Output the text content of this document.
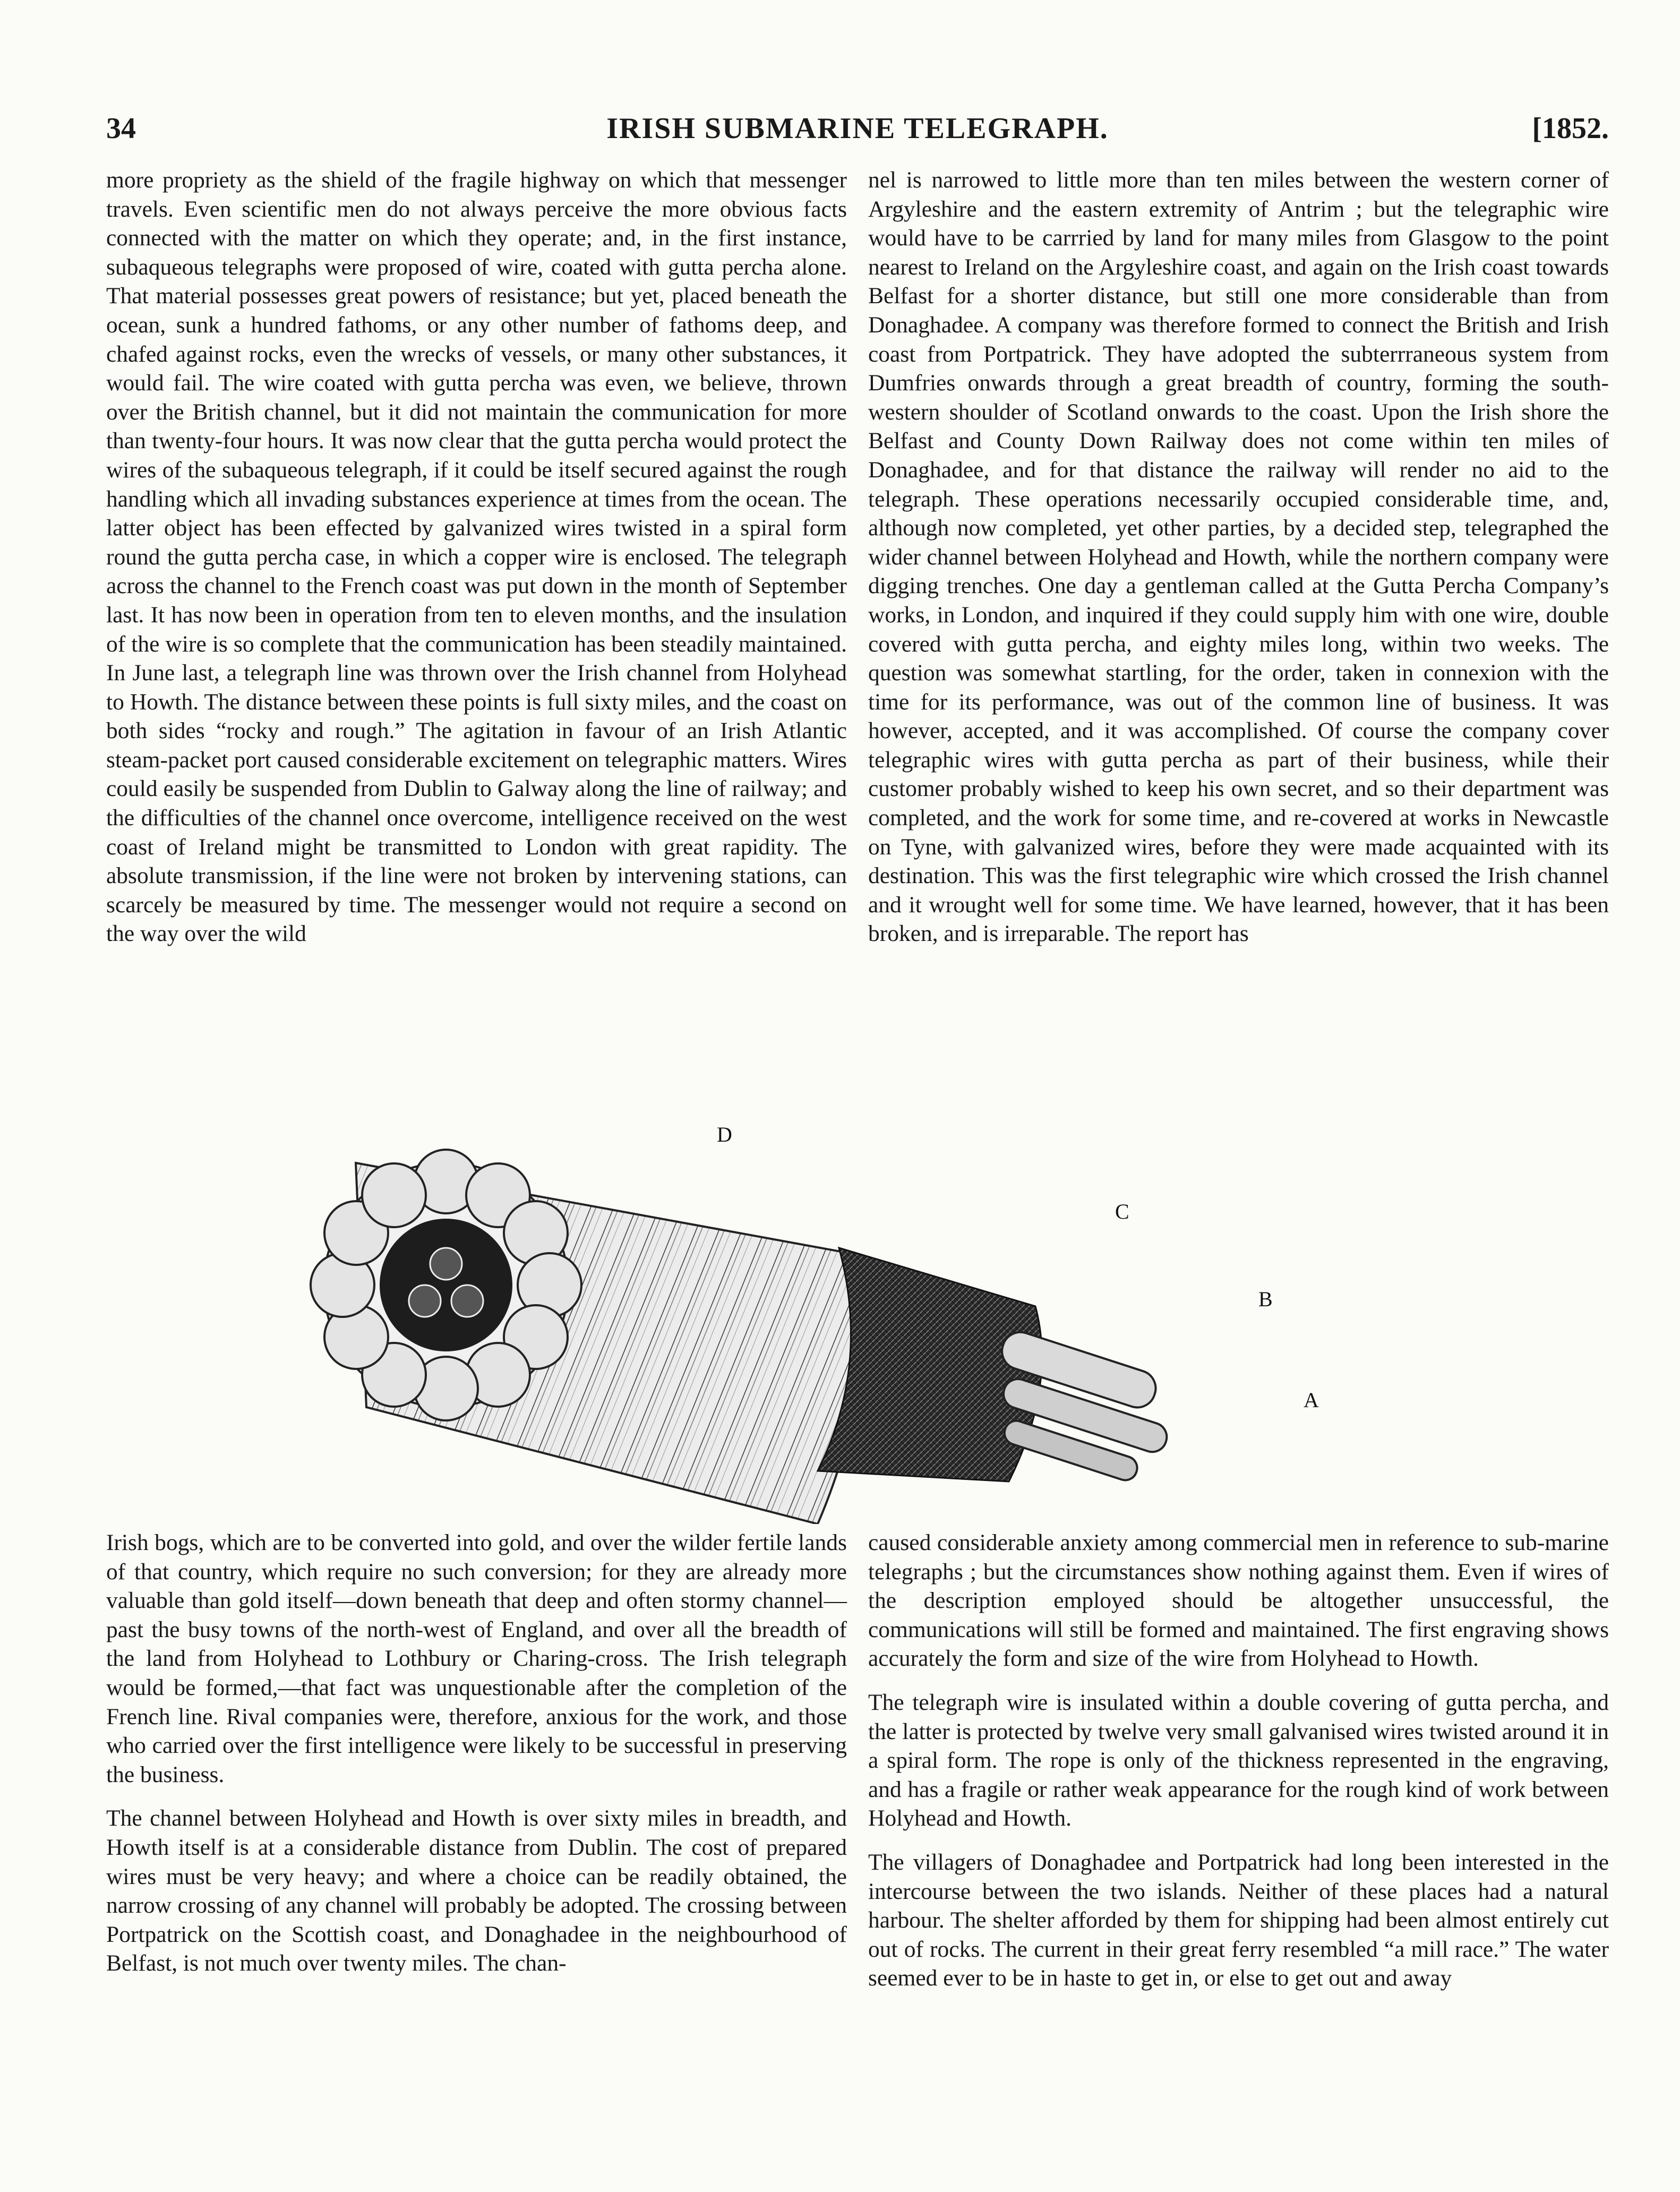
34	IRISH SUBMARINE TELEGRAPH.	[1852.

more propriety as the shield of the fragile highway on which that messenger travels. Even scientific men do not always perceive the more obvious facts connected with the matter on which they operate; and, in the first instance, subaqueous telegraphs were proposed of wire, coated with gutta percha alone. That material possesses great powers of resistance; but yet, placed beneath the ocean, sunk a hundred fathoms, or any other number of fathoms deep, and chafed against rocks, even the wrecks of vessels, or many other substances, it would fail. The wire coated with gutta percha was even, we believe, thrown over the British channel, but it did not maintain the communication for more than twenty-four hours. It was now clear that the gutta percha would protect the wires of the subaqueous telegraph, if it could be itself secured against the rough handling which all invading substances experience at times from the ocean. The latter object has been effected by galvanized wires twisted in a spiral form round the gutta percha case, in which a copper wire is enclosed. The telegraph across the channel to the French coast was put down in the month of September last. It has now been in operation from ten to eleven months, and the insulation of the wire is so complete that the communication has been steadily maintained. In June last, a telegraph line was thrown over the Irish channel from Holyhead to Howth. The distance between these points is full sixty miles, and the coast on both sides “rocky and rough.” The agitation in favour of an Irish Atlantic steam-packet port caused considerable excitement on telegraphic matters. Wires could easily be suspended from Dublin to Galway along the line of railway; and the difficulties of the channel once overcome, intelligence received on the west coast of Ireland might be transmitted to London with great rapidity. The absolute transmission, if the line were not broken by intervening stations, can scarcely be measured by time. The messenger would not require a second on the way over the wild

nel is narrowed to little more than ten miles between the western corner of Argyleshire and the eastern extremity of Antrim ; but the telegraphic wire would have to be carrried by land for many miles from Glasgow to the point nearest to Ireland on the Argyleshire coast, and again on the Irish coast towards Belfast for a shorter distance, but still one more considerable than from Donaghadee. A company was therefore formed to connect the British and Irish coast from Portpatrick. They have adopted the subterrraneous system from Dumfries onwards through a great breadth of country, forming the south-western shoulder of Scotland onwards to the coast. Upon the Irish shore the Belfast and County Down Railway does not come within ten miles of Donaghadee, and for that distance the railway will render no aid to the telegraph. These operations necessarily occupied considerable time, and, although now completed, yet other parties, by a decided step, telegraphed the wider channel between Holyhead and Howth, while the northern company were digging trenches. One day a gentleman called at the Gutta Percha Company’s works, in London, and inquired if they could supply him with one wire, double covered with gutta percha, and eighty miles long, within two weeks. The question was somewhat startling, for the order, taken in connexion with the time for its performance, was out of the common line of business. It was however, accepted, and it was accomplished. Of course the company cover telegraphic wires with gutta percha as part of their business, while their customer probably wished to keep his own secret, and so their department was completed, and the work for some time, and re-covered at works in Newcastle on Tyne, with galvanized wires, before they were made acquainted with its destination. This was the first telegraphic wire which crossed the Irish channel and it wrought well for some time. We have learned, however, that it has been broken, and is irreparable. The report has

D
C
B
A

Irish bogs, which are to be converted into gold, and over the wilder fertile lands of that country, which require no such conversion; for they are already more valuable than gold itself—down beneath that deep and often stormy channel—past the busy towns of the north-west of England, and over all the breadth of the land from Holyhead to Lothbury or Charing-cross. The Irish telegraph would be formed,—that fact was unquestionable after the completion of the French line. Rival companies were, therefore, anxious for the work, and those who carried over the first intelligence were likely to be successful in preserving the business.

The channel between Holyhead and Howth is over sixty miles in breadth, and Howth itself is at a considerable distance from Dublin. The cost of prepared wires must be very heavy; and where a choice can be readily obtained, the narrow crossing of any channel will probably be adopted. The crossing between Portpatrick on the Scottish coast, and Donaghadee in the neighbourhood of Belfast, is not much over twenty miles. The chan-

caused considerable anxiety among commercial men in reference to sub-marine telegraphs ; but the circumstances show nothing against them. Even if wires of the description employed should be altogether unsuccessful, the communications will still be formed and maintained. The first engraving shows accurately the form and size of the wire from Holyhead to Howth.

The telegraph wire is insulated within a double covering of gutta percha, and the latter is protected by twelve very small galvanised wires twisted around it in a spiral form. The rope is only of the thickness represented in the engraving, and has a fragile or rather weak appearance for the rough kind of work between Holyhead and Howth.

The villagers of Donaghadee and Portpatrick had long been interested in the intercourse between the two islands. Neither of these places had a natural harbour. The shelter afforded by them for shipping had been almost entirely cut out of rocks. The current in their great ferry resembled “a mill race.” The water seemed ever to be in haste to get in, or else to get out and away
